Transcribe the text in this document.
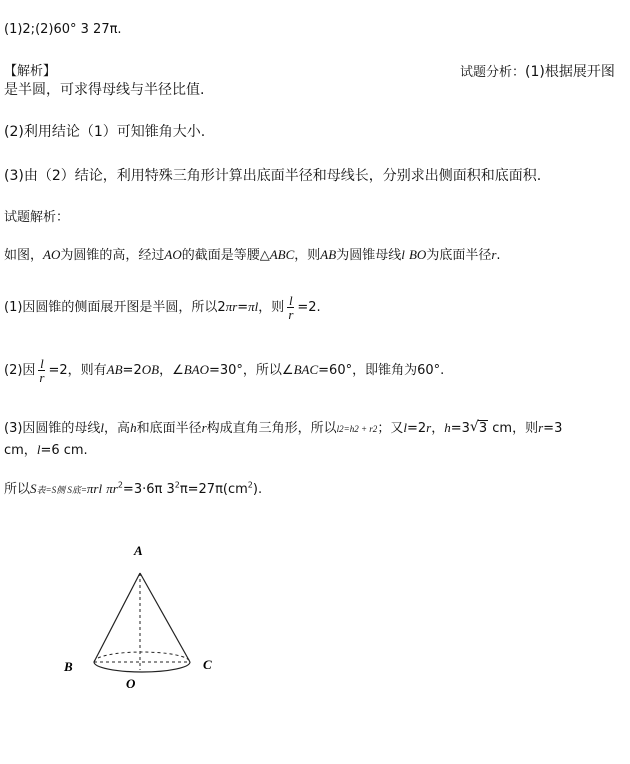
(1)2;(2)60° 3 27π.
【解析】	试题分析：(1)根据展开图
是半圆，可求得母线与半径比值.
(2)利用结论（1）可知锥角大小.
(3)由（2）结论，利用特殊三角形计算出底面半径和母线长，分别求出侧面积和底面积.
试题解析：
如图，AO为圆锥的高，经过AO的截面是等腰△ABC，则AB为圆锥母线l BO为底面半径r.
(1)因圆锥的侧面展开图是半圆，所以2πr=πl，则 $\frac{l}{r} =2$.
(2)因 $\frac{l}{r} =2$，则有AB=2OB，∠BAO=30°，所以∠BAC=60°，即锥角为60°.
(3)因圆锥的母线l，高h和底面半径r构成直角三角形，所以l2=h2 + r2；又l=2r，h=3√ 3 cm，则r=3
cm，l=6 cm.
所以S表=S侧 S底=πrl $\pi r^2=3\cdot 6\pi$ $3^2\pi=27\pi(cm^2)$.
A
B	C
O
